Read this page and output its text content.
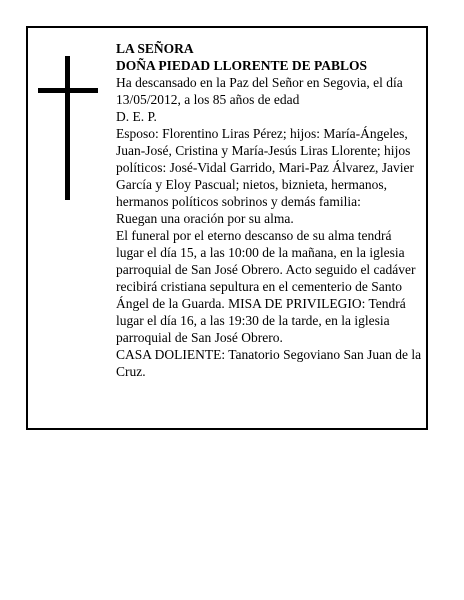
LA SEÑORA

DOÑA PIEDAD LLORENTE DE PABLOS

Ha descansado en la Paz del Señor en Segovia, el día 13/05/2012, a los 85 años de edad

D. E. P.

Esposo: Florentino Liras Pérez; hijos: María-Ángeles, Juan-José, Cristina y María-Jesús Liras Llorente; hijos políticos: José-Vidal Garrido, Mari-Paz Álvarez, Javier García y Eloy Pascual; nietos, biznieta, hermanos, hermanos políticos sobrinos y demás familia:

Ruegan una oración por su alma.

El funeral por el eterno descanso de su alma tendrá lugar el día 15, a las 10:00 de la mañana, en la iglesia parroquial de San José Obrero. Acto seguido el cadáver recibirá cristiana sepultura en el cementerio de Santo Ángel de la Guarda. MISA DE PRIVILEGIO: Tendrá lugar el día 16, a las 19:30 de la tarde, en la iglesia parroquial de San José Obrero.

CASA DOLIENTE: Tanatorio Segoviano San Juan de la Cruz.
